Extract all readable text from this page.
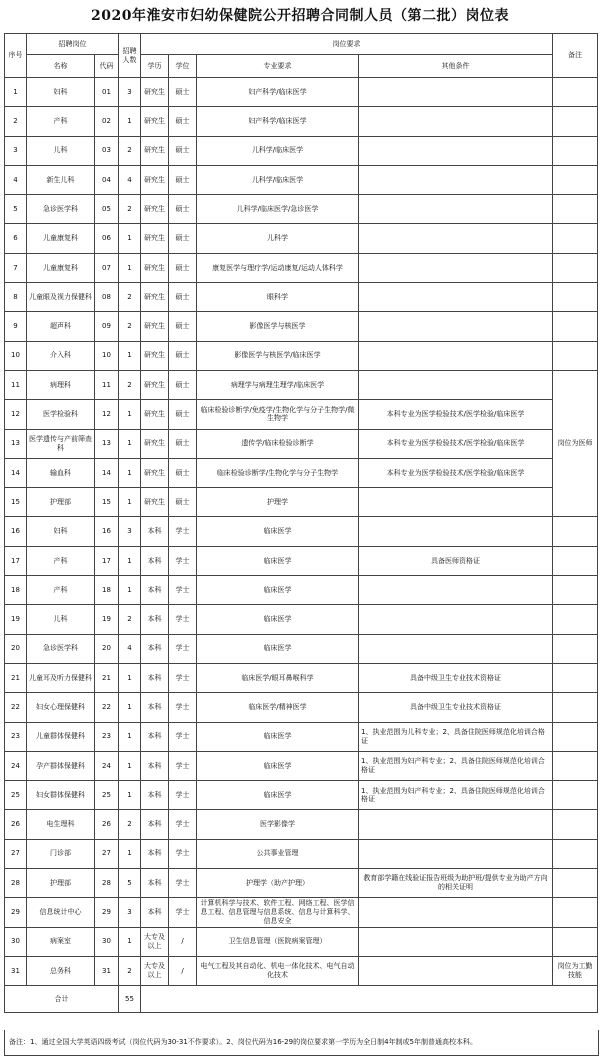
2020年淮安市妇幼保健院公开招聘合同制人员（第二批）岗位表
序号	招聘岗位		招聘人数	岗位要求				备注
	名称	代码		学历	学位	专业要求	其他条件	
1	妇科	01	3	研究生	硕士	妇产科学/临床医学		
2	产科	02	1	研究生	硕士	妇产科学/临床医学		
3	儿科	03	2	研究生	硕士	儿科学/临床医学		
4	新生儿科	04	4	研究生	硕士	儿科学/临床医学		
5	急诊医学科	05	2	研究生	硕士	儿科学/临床医学/急诊医学		
6	儿童康复科	06	1	研究生	硕士	儿科学		
7	儿童康复科	07	1	研究生	硕士	康复医学与理疗学/运动康复/运动人体科学		
8	儿童眼及视力保健科	08	2	研究生	硕士	眼科学		
9	超声科	09	2	研究生	硕士	影像医学与核医学		
10	介入科	10	1	研究生	硕士	影像医学与核医学/临床医学		
11	病理科	11	2	研究生	硕士	病理学与病理生理学/临床医学		岗位为医师
12	医学检验科	12	1	研究生	硕士	临床检验诊断学/免疫学/生物化学与分子生物学/微生物学	本科专业为医学检验技术/医学检验/临床医学	
13	医学遗传与产前筛查科	13	1	研究生	硕士	遗传学/临床检验诊断学	本科专业为医学检验技术/医学检验/临床医学	
14	输血科	14	1	研究生	硕士	临床检验诊断学/生物化学与分子生物学	本科专业为医学检验技术/医学检验/临床医学	
15	护理部	15	1	研究生	硕士	护理学		
16	妇科	16	3	本科	学士	临床医学		
17	产科	17	1	本科	学士	临床医学	具备医师资格证	
18	产科	18	1	本科	学士	临床医学		
19	儿科	19	2	本科	学士	临床医学		
20	急诊医学科	20	4	本科	学士	临床医学		
21	儿童耳及听力保健科	21	1	本科	学士	临床医学/眼耳鼻喉科学	具备中级卫生专业技术资格证	
22	妇女心理保健科	22	1	本科	学士	临床医学/精神医学	具备中级卫生专业技术资格证	
23	儿童群体保健科	23	1	本科	学士	临床医学	1、执业范围为儿科专业；2、具备住院医师规范化培训合格证	
24	孕产群体保健科	24	1	本科	学士	临床医学	1、执业范围为妇产科专业；2、具备住院医师规范化培训合格证	
25	妇女群体保健科	25	1	本科	学士	临床医学	1、执业范围为妇产科专业；2、具备住院医师规范化培训合格证	
26	电生理科	26	2	本科	学士	医学影像学		
27	门诊部	27	1	本科	学士	公共事业管理		
28	护理部	28	5	本科	学士	护理学（助产护理）	教育部学籍在线验证报告班级为助护班/提供专业为助产方向的相关证明	
29	信息统计中心	29	3	本科	学士	计算机科学与技术、软件工程、网络工程、医学信息工程、信息管理与信息系统、信息与计算科学、信息安全		
30	病案室	30	1	大专及以上	/	卫生信息管理（医院病案管理）		
31	总务科	31	2	大专及以上	/	电气工程及其自动化、机电一体化技术、电气自动化技术		岗位为工勤技能
合计			55					
备注：1、通过全国大学英语四级考试（岗位代码为30-31不作要求）。2、岗位代码为16-29的岗位要求第一学历为全日制4年制或5年制普通高校本科。
